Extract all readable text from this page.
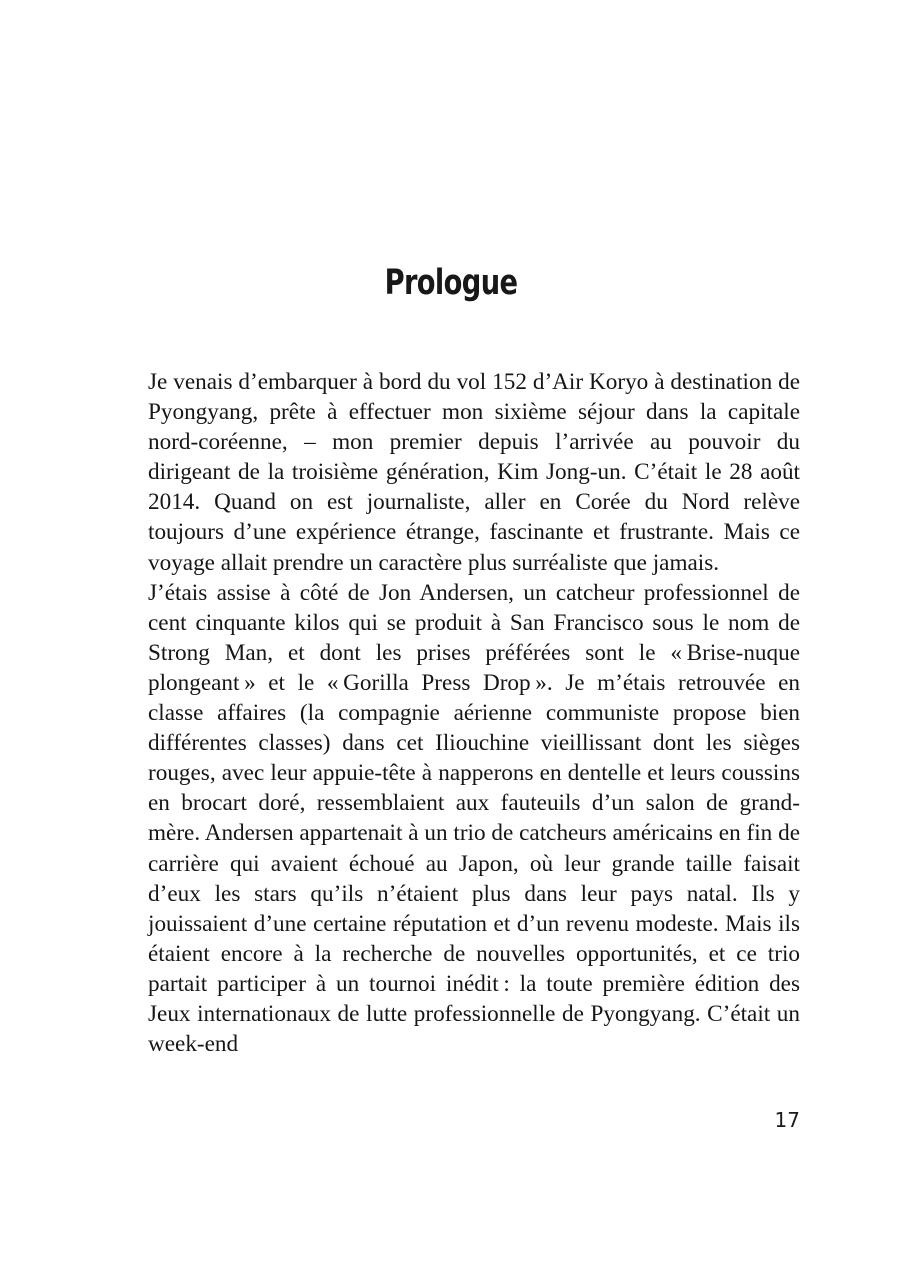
Prologue

Je venais d’embarquer à bord du vol 152 d’Air Koryo à destination de Pyongyang, prête à effectuer mon sixième séjour dans la capitale nord-coréenne, – mon premier depuis l’arrivée au pouvoir du dirigeant de la troisième génération, Kim Jong-un. C’était le 28 août 2014. Quand on est journaliste, aller en Corée du Nord relève toujours d’une expérience étrange, fascinante et frustrante. Mais ce voyage allait prendre un caractère plus surréaliste que jamais.

J’étais assise à côté de Jon Andersen, un catcheur professionnel de cent cinquante kilos qui se produit à San Francisco sous le nom de Strong Man, et dont les prises préférées sont le « Brise-nuque plongeant » et le « Gorilla Press Drop ». Je m’étais retrouvée en classe affaires (la compagnie aérienne communiste propose bien différentes classes) dans cet Iliouchine vieillissant dont les sièges rouges, avec leur appuie-tête à napperons en dentelle et leurs coussins en brocart doré, ressemblaient aux fauteuils d’un salon de grand-mère. Andersen appartenait à un trio de catcheurs américains en fin de carrière qui avaient échoué au Japon, où leur grande taille faisait d’eux les stars qu’ils n’étaient plus dans leur pays natal. Ils y jouissaient d’une certaine réputation et d’un revenu modeste. Mais ils étaient encore à la recherche de nouvelles opportunités, et ce trio partait participer à un tournoi inédit : la toute première édition des Jeux internationaux de lutte professionnelle de Pyongyang. C’était un week-end

17
